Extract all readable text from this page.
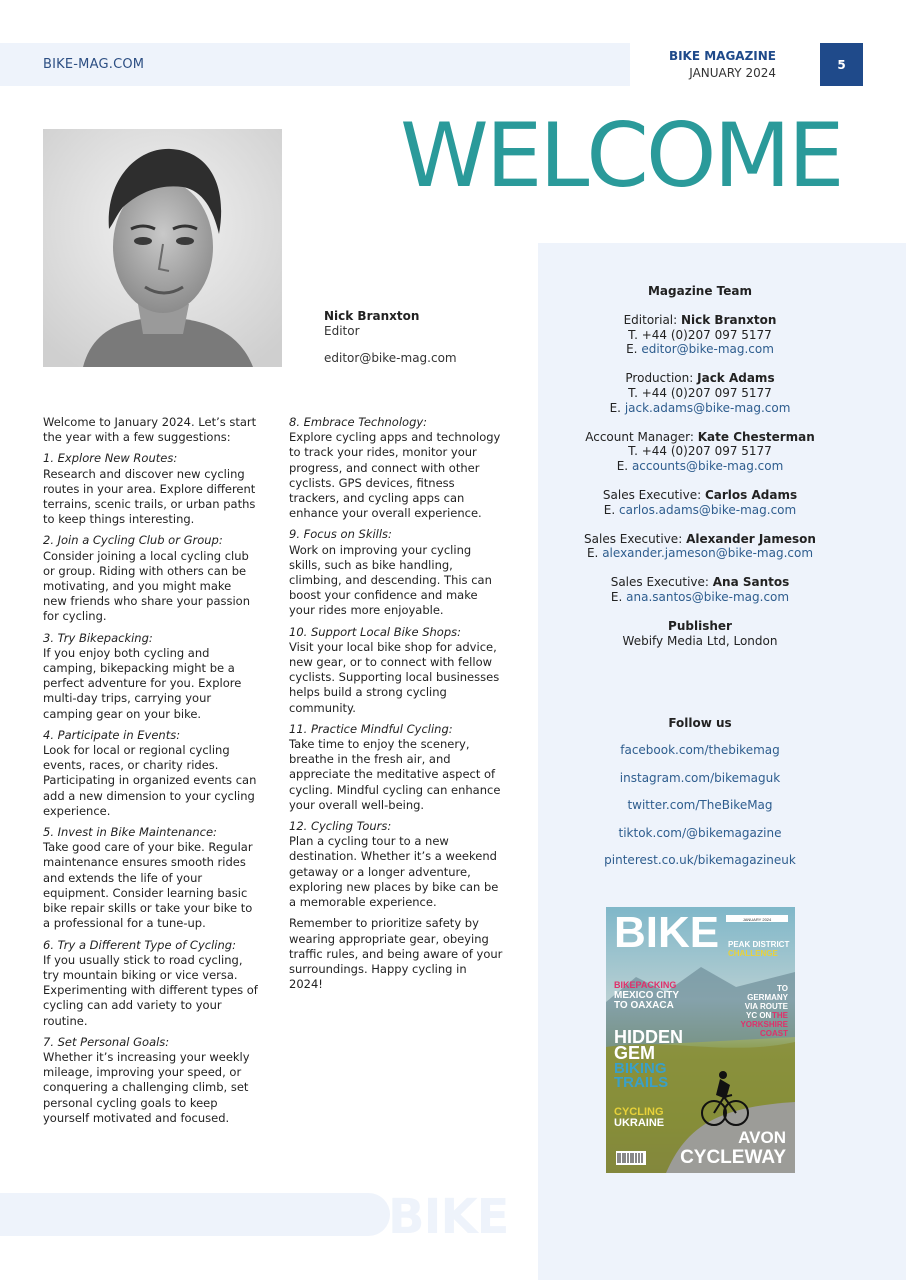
BIKE-MAG.COM
BIKE MAGAZINE
JANUARY 2024
5
WELCOME
Nick Branxton
Editor
editor@bike-mag.com

Welcome to January 2024. Let’s start the year with a few suggestions:

1. Explore New Routes:
Research and discover new cycling routes in your area. Explore different terrains, scenic trails, or urban paths to keep things interesting.

2. Join a Cycling Club or Group:
Consider joining a local cycling club or group. Riding with others can be motivating, and you might make new friends who share your passion for cycling.

3. Try Bikepacking:
If you enjoy both cycling and camping, bikepacking might be a perfect adventure for you. Explore multi-day trips, carrying your camping gear on your bike.

4. Participate in Events:
Look for local or regional cycling events, races, or charity rides. Participating in organized events can add a new dimension to your cycling experience.

5. Invest in Bike Maintenance:
Take good care of your bike. Regular maintenance ensures smooth rides and extends the life of your equipment. Consider learning basic bike repair skills or take your bike to a professional for a tune-up.

6. Try a Different Type of Cycling:
If you usually stick to road cycling, try mountain biking or vice versa. Experimenting with different types of cycling can add variety to your routine.

7. Set Personal Goals:
Whether it’s increasing your weekly mileage, improving your speed, or conquering a challenging climb, set personal cycling goals to keep yourself motivated and focused.

8. Embrace Technology:
Explore cycling apps and technology to track your rides, monitor your progress, and connect with other cyclists. GPS devices, fitness trackers, and cycling apps can enhance your overall experience.

9. Focus on Skills:
Work on improving your cycling skills, such as bike handling, climbing, and descending. This can boost your confidence and make your rides more enjoyable.

10. Support Local Bike Shops:
Visit your local bike shop for advice, new gear, or to connect with fellow cyclists. Supporting local businesses helps build a strong cycling community.

11. Practice Mindful Cycling:
Take time to enjoy the scenery, breathe in the fresh air, and appreciate the meditative aspect of cycling. Mindful cycling can enhance your overall well-being.

12. Cycling Tours:
Plan a cycling tour to a new destination. Whether it’s a weekend getaway or a longer adventure, exploring new places by bike can be a memorable experience.

Remember to prioritize safety by wearing appropriate gear, obeying traffic rules, and being aware of your surroundings. Happy cycling in 2024!

Magazine Team
Editorial: Nick Branxton
T. +44 (0)207 097 5177
E. editor@bike-mag.com
Production: Jack Adams
T. +44 (0)207 097 5177
E. jack.adams@bike-mag.com
Account Manager: Kate Chesterman
T. +44 (0)207 097 5177
E. accounts@bike-mag.com
Sales Executive: Carlos Adams
E. carlos.adams@bike-mag.com
Sales Executive: Alexander Jameson
E. alexander.jameson@bike-mag.com
Sales Executive: Ana Santos
E. ana.santos@bike-mag.com
Publisher
Webify Media Ltd, London
Follow us
facebook.com/thebikemag
instagram.com/bikemaguk
twitter.com/TheBikeMag
tiktok.com/@bikemagazine
pinterest.co.uk/bikemagazineuk
BIKE	JANUARY 2024
PEAK DISTRICT
CHALLENGE
BIKEPACKING
MEXICO CITY
TO OAXACA
TO
GERMANY
VIA ROUTE
YC ON THE
YORKSHIRE
COAST
HIDDEN
GEM
BIKING
TRAILS
CYCLING
UKRAINE
AVON
CYCLEWAY
BIKE
